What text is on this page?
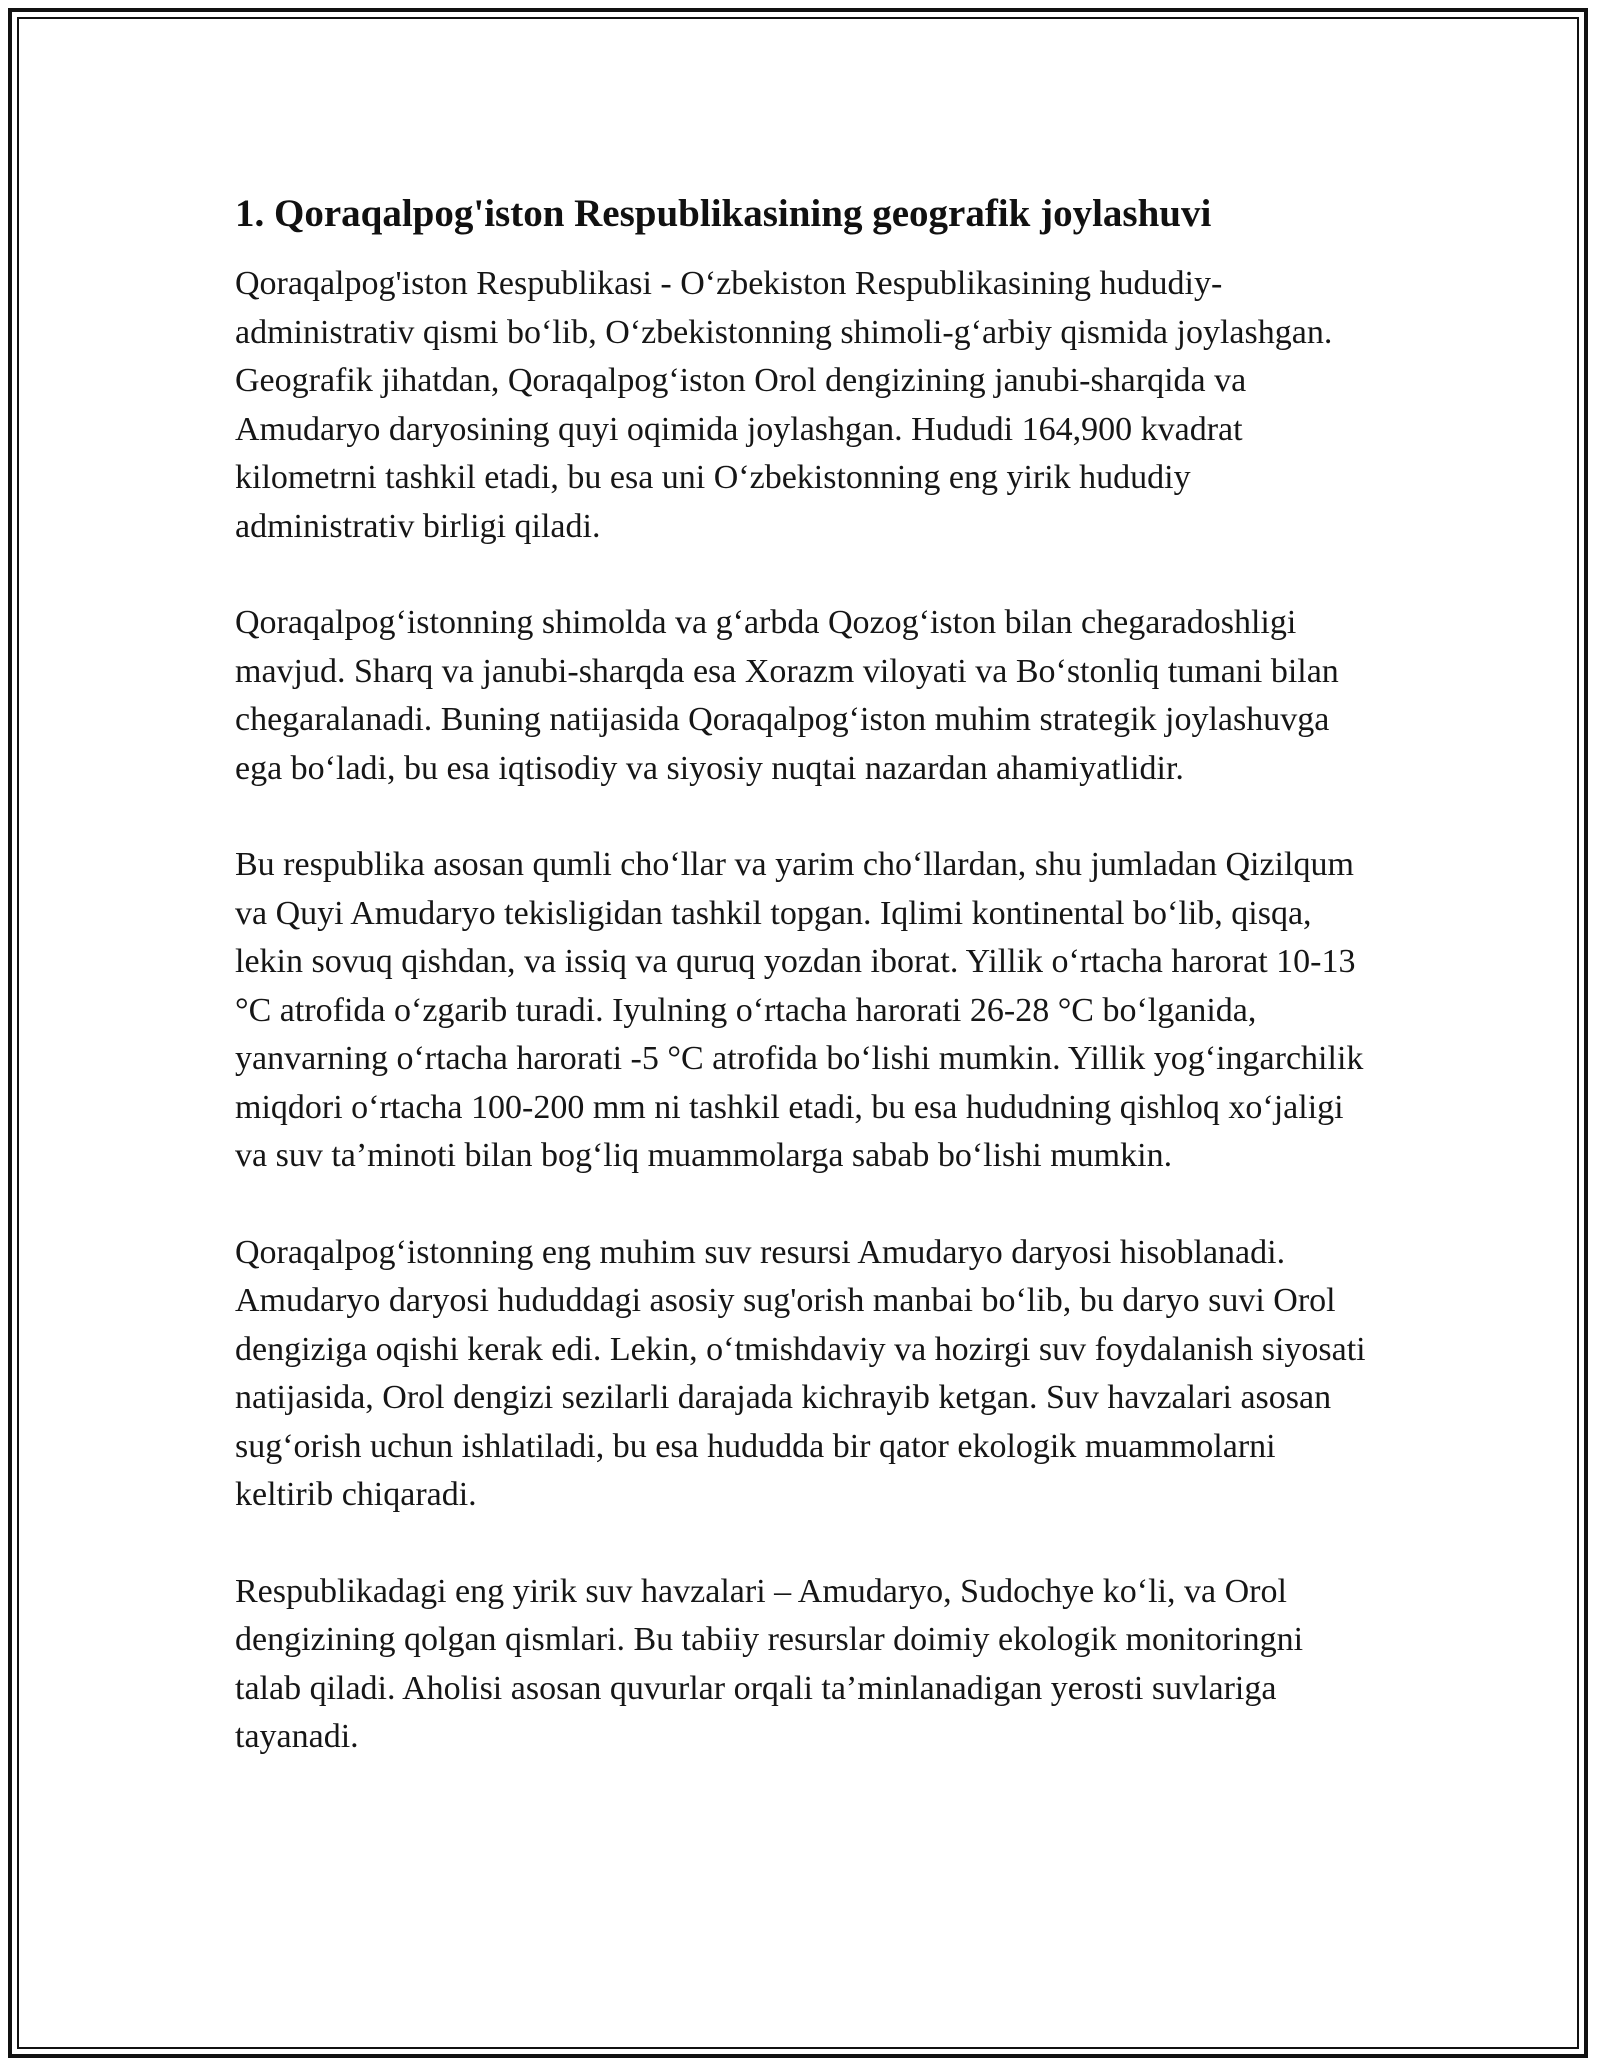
1. Qoraqalpog'iston Respublikasining geografik joylashuvi

Qoraqalpog'iston Respublikasi - O‘zbekiston Respublikasining hududiy-administrativ qismi bo‘lib, O‘zbekistonning shimoli-g‘arbiy qismida joylashgan. Geografik jihatdan, Qoraqalpog‘iston Orol dengizining janubi-sharqida va Amudaryo daryosining quyi oqimida joylashgan. Hududi 164,900 kvadrat kilometrni tashkil etadi, bu esa uni O‘zbekistonning eng yirik hududiy administrativ birligi qiladi.

Qoraqalpog‘istonning shimolda va g‘arbda Qozog‘iston bilan chegaradoshligi mavjud. Sharq va janubi-sharqda esa Xorazm viloyati va Bo‘stonliq tumani bilan chegaralanadi. Buning natijasida Qoraqalpog‘iston muhim strategik joylashuvga ega bo‘ladi, bu esa iqtisodiy va siyosiy nuqtai nazardan ahamiyatlidir.

Bu respublika asosan qumli cho‘llar va yarim cho‘llardan, shu jumladan Qizilqum va Quyi Amudaryo tekisligidan tashkil topgan. Iqlimi kontinental bo‘lib, qisqa, lekin sovuq qishdan, va issiq va quruq yozdan iborat. Yillik o‘rtacha harorat 10-13 °C atrofida o‘zgarib turadi. Iyulning o‘rtacha harorati 26-28 °C bo‘lganida, yanvarning o‘rtacha harorati -5 °C atrofida bo‘lishi mumkin. Yillik yog‘ingarchilik miqdori o‘rtacha 100-200 mm ni tashkil etadi, bu esa hududning qishloq xo‘jaligi va suv ta’minoti bilan bog‘liq muammolarga sabab bo‘lishi mumkin.

Qoraqalpog‘istonning eng muhim suv resursi Amudaryo daryosi hisoblanadi. Amudaryo daryosi hududdagi asosiy sug'orish manbai bo‘lib, bu daryo suvi Orol dengiziga oqishi kerak edi. Lekin, o‘tmishdaviy va hozirgi suv foydalanish siyosati natijasida, Orol dengizi sezilarli darajada kichrayib ketgan. Suv havzalari asosan sug‘orish uchun ishlatiladi, bu esa hududda bir qator ekologik muammolarni keltirib chiqaradi.

Respublikadagi eng yirik suv havzalari – Amudaryo, Sudochye ko‘li, va Orol dengizining qolgan qismlari. Bu tabiiy resurslar doimiy ekologik monitoringni talab qiladi. Aholisi asosan quvurlar orqali ta’minlanadigan yerosti suvlariga tayanadi.
